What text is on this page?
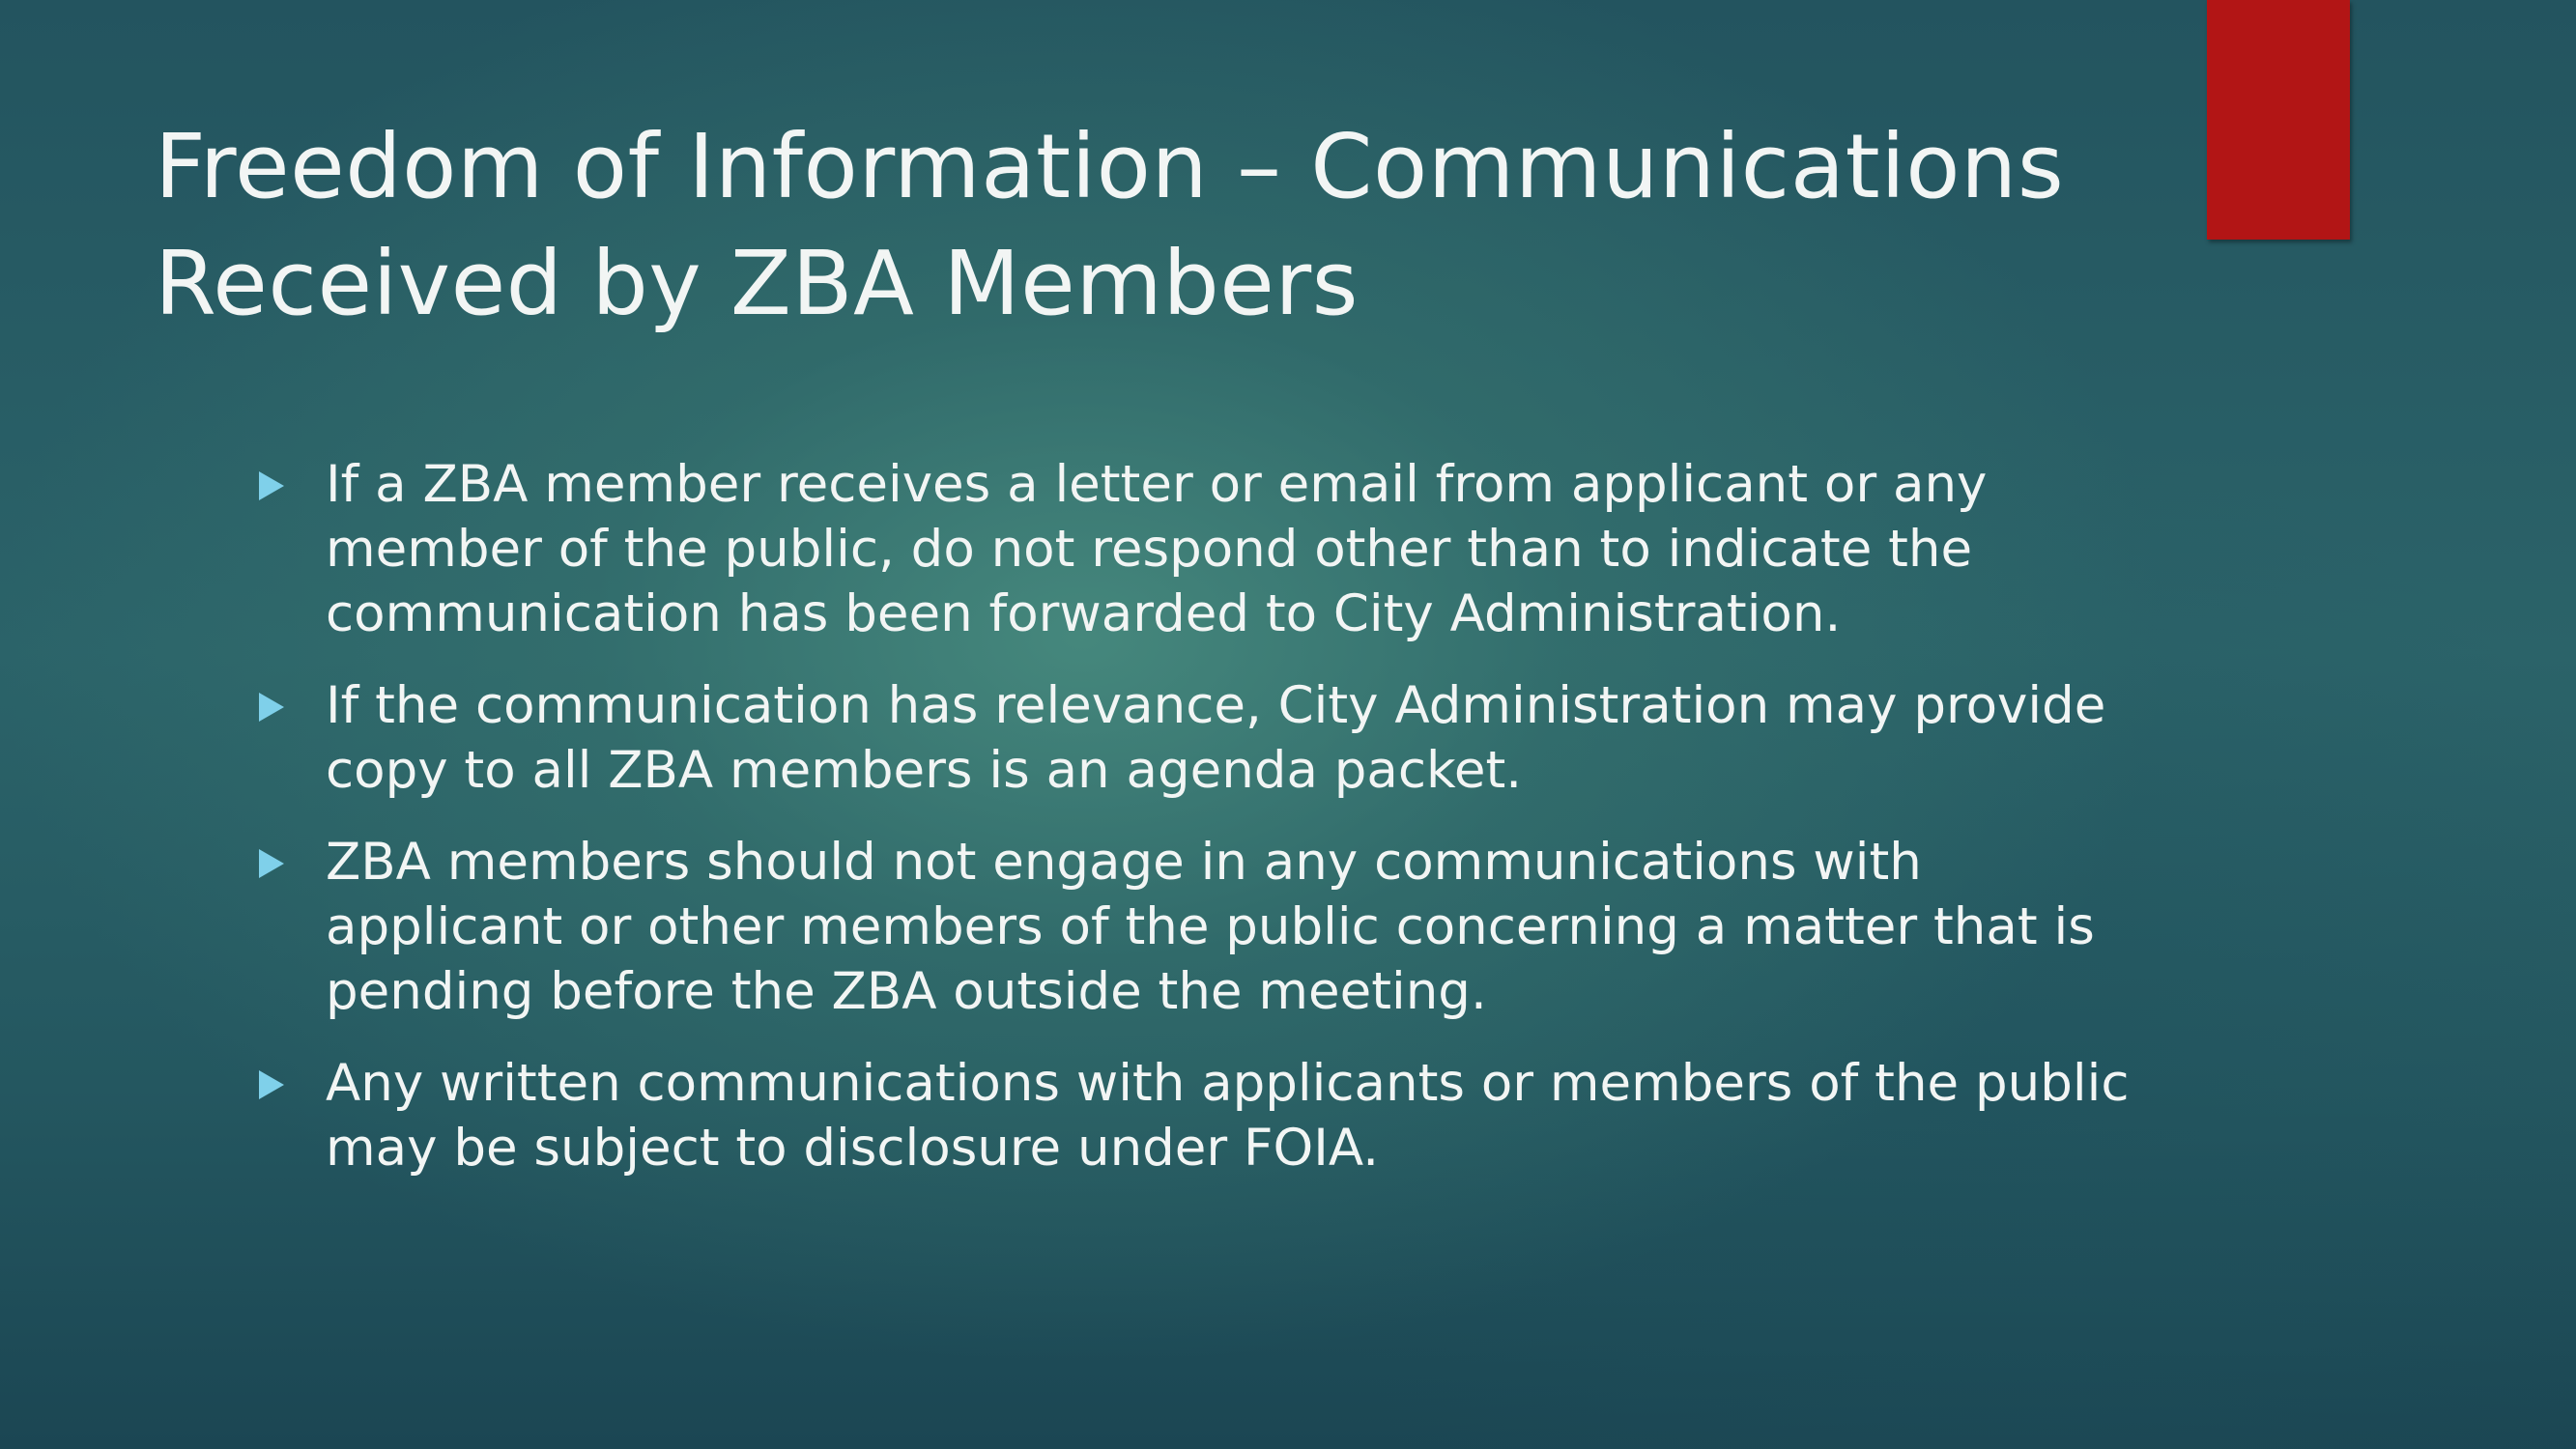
Freedom of Information – Communications Received by ZBA Members
If a ZBA member receives a letter or email from applicant or any member of the public, do not respond other than to indicate the communication has been forwarded to City Administration.
If the communication has relevance, City Administration may provide copy to all ZBA members is an agenda packet.
ZBA members should not engage in any communications with applicant or other members of the public concerning a matter that is pending before the ZBA outside the meeting.
Any written communications with applicants or members of the public may be subject to disclosure under FOIA.
